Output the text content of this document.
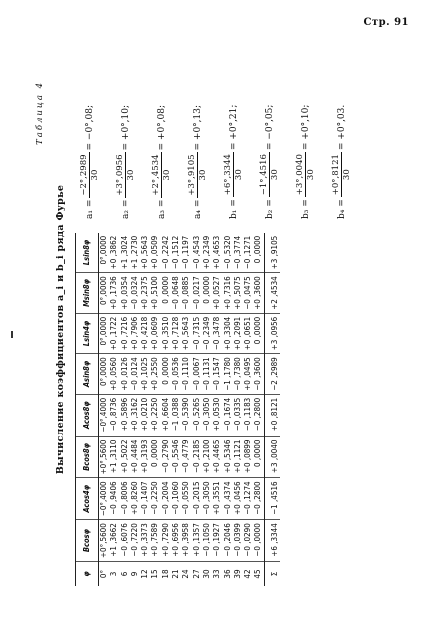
Стр. 91
Таблица 4
Вычисление коэффициентов a_i и b_i ряда Фурье
φ	Bcosφ	Acos4φ	Bcos8φ	Acos8φ	Asin8φ	Lsin4φ	Msin8φ	Lsin8φ
0°	+0°,5600	−0°,4000	+0°,5600	−0°,4000	0°,0000	0°,0000	0°,0000	0°,0000
3	+1 ,3662	−0 ,9406	+1 ,3110	−0 ,8736	+0 ,0560	+0 ,1722	+0 ,1736	+0 ,3862
6	−0 ,6076	−0 ,8006	+0 ,5022	+0 ,5896	+0 ,0126	+0 ,7216	+0 ,0354	+1 ,3024
9	−0 ,7220	+0 ,8260	+0 ,4484	+0 ,3162	−0 ,0124	+0 ,7906	−0 ,0324	+1 ,2730
12	+0 ,3373	−0 ,1407	+0 ,3193	+0 ,0210	+0 ,1025	+0 ,4218	+0 ,2375	+0 ,5643
15	+0 ,7589	−0 ,2250	0 ,0000	+0 ,2250	+0 ,2550	+0 ,0609	+0 ,5100	+0 ,0509
18	+0 ,7290	−0 ,2004	−0 ,2790	+0 ,6604	0 ,0000	+0 ,3510	0 ,0000	−0 ,2242
21	+0 ,6956	−0 ,1060	−0 ,5546	−1 ,0388	−0 ,0536	+0 ,7128	−0 ,0648	−0 ,1512
24	+0 ,3958	−0 ,0550	−0 ,4779	−0 ,5390	−0 ,1110	+0 ,5643	−0 ,0885	−0 ,1197
27	+0 ,1357	−0 ,2015	−0 ,2185	−0 ,5265	−0 ,0067	−0 ,7315	−0 ,0217	−0 ,4543
30	−0 ,1050	−0 ,3050	+0 ,2100	−0 ,3050	−0 ,1131	−0 ,2349	0 ,0000	+0 ,2349
33	−0 ,1927	+0 ,3551	+0 ,4465	+0 ,0530	−0 ,1547	−0 ,3478	+0 ,0527	+0 ,4653
36	−0 ,2046	−0 ,4374	+0 ,5346	−0 ,1674	−1 ,1780	+0 ,3304	+0 ,7316	−0 ,5320
39	−0 ,0399	+0 ,0456	+0 ,1121	−0 ,0335	−0 ,7380	+0 ,2091	+0 ,5075	−0 ,3774
42	−0 ,0290	−0 ,1274	+0 ,0899	−0 ,1183	+0 ,0495	+0 ,0651	−0 ,0475	−0 ,1271
45	−0 ,0000	−0 ,2800	0 ,0000	−0 ,2800	−0 ,3600	0 ,0000	+0 ,3600	0 ,0000
Σ	+6 ,3344	−1 ,4516	+3 ,0040	+0 ,8121	−2 ,2989	+3 ,0956	+2 ,4534	+3 ,9105
a₁ =
−2°,2989 30
= −0°,08;
a₂ =
+3°,0956 30
= +0°,10;
a₃ =
+2°,4534 30
= +0°,08;
a₄ =
+3°,9105 30
= +0°,13;
b₁ =
+6°,3344 30
= +0°,21;
b₂ =
−1°,4516 30
= −0°,05;
b₃ =
+3°,0040 30
= +0°,10;
b₄ =
+0°,8121 30
= +0°,03.
